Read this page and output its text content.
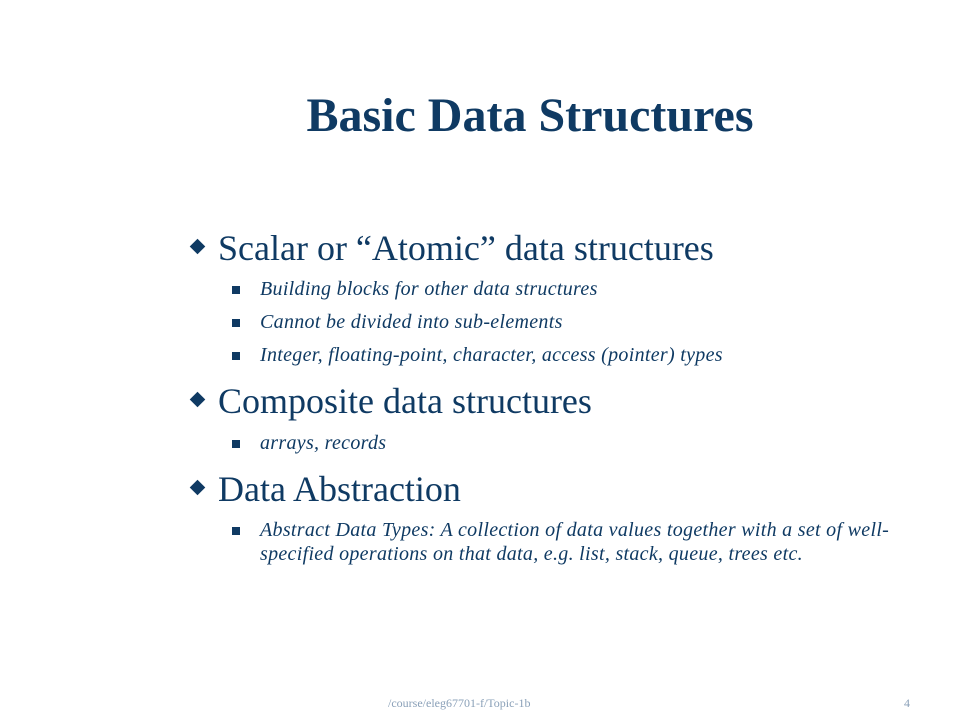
Basic Data Structures
Scalar or “Atomic” data structures
Building blocks for other data structures
Cannot be divided into sub-elements
Integer, floating-point, character, access (pointer) types
Composite data structures
arrays, records
Data Abstraction
Abstract Data Types: A collection of data values together with a set of well-specified operations on that data, e.g. list, stack, queue, trees etc.
/course/eleg67701-f/Topic-1b	4
